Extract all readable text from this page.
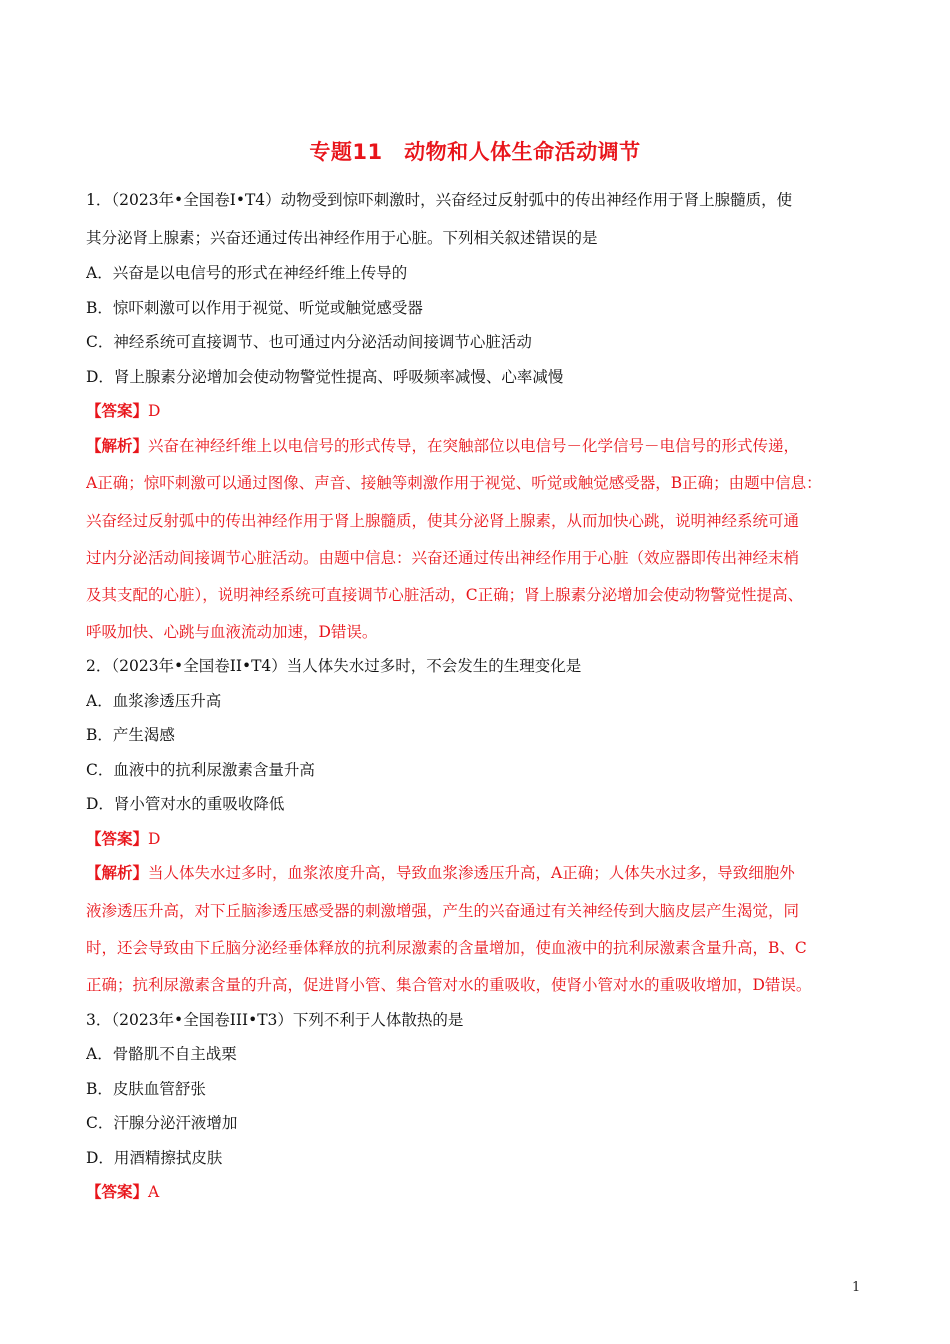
专题11　动物和人体生命活动调节
1．（2023年•全国卷Ⅰ•T4）动物受到惊吓刺激时，兴奋经过反射弧中的传出神经作用于肾上腺髓质，使
其分泌肾上腺素；兴奋还通过传出神经作用于心脏。下列相关叙述错误的是
A．兴奋是以电信号的形式在神经纤维上传导的
B．惊吓刺激可以作用于视觉、听觉或触觉感受器
C．神经系统可直接调节、也可通过内分泌活动间接调节心脏活动
D．肾上腺素分泌增加会使动物警觉性提高、呼吸频率减慢、心率减慢
【答案】D
【解析】兴奋在神经纤维上以电信号的形式传导，在突触部位以电信号－化学信号－电信号的形式传递，
A正确；惊吓刺激可以通过图像、声音、接触等刺激作用于视觉、听觉或触觉感受器，B正确；由题中信息：
兴奋经过反射弧中的传出神经作用于肾上腺髓质，使其分泌肾上腺素，从而加快心跳，说明神经系统可通
过内分泌活动间接调节心脏活动。由题中信息：兴奋还通过传出神经作用于心脏（效应器即传出神经末梢
及其支配的心脏），说明神经系统可直接调节心脏活动，C正确；肾上腺素分泌增加会使动物警觉性提高、
呼吸加快、心跳与血液流动加速，D错误。
2．（2023年•全国卷II•T4）当人体失水过多时，不会发生的生理变化是
A．血浆渗透压升高
B．产生渴感
C．血液中的抗利尿激素含量升高
D．肾小管对水的重吸收降低
【答案】D
【解析】当人体失水过多时，血浆浓度升高，导致血浆渗透压升高，A正确；人体失水过多，导致细胞外
液渗透压升高，对下丘脑渗透压感受器的刺激增强，产生的兴奋通过有关神经传到大脑皮层产生渴觉，同
时，还会导致由下丘脑分泌经垂体释放的抗利尿激素的含量增加，使血液中的抗利尿激素含量升高，B、C
正确；抗利尿激素含量的升高，促进肾小管、集合管对水的重吸收，使肾小管对水的重吸收增加，D错误。
3．（2023年•全国卷III•T3）下列不利于人体散热的是
A．骨骼肌不自主战栗
B．皮肤血管舒张
C．汗腺分泌汗液增加
D．用酒精擦拭皮肤
【答案】A
1
